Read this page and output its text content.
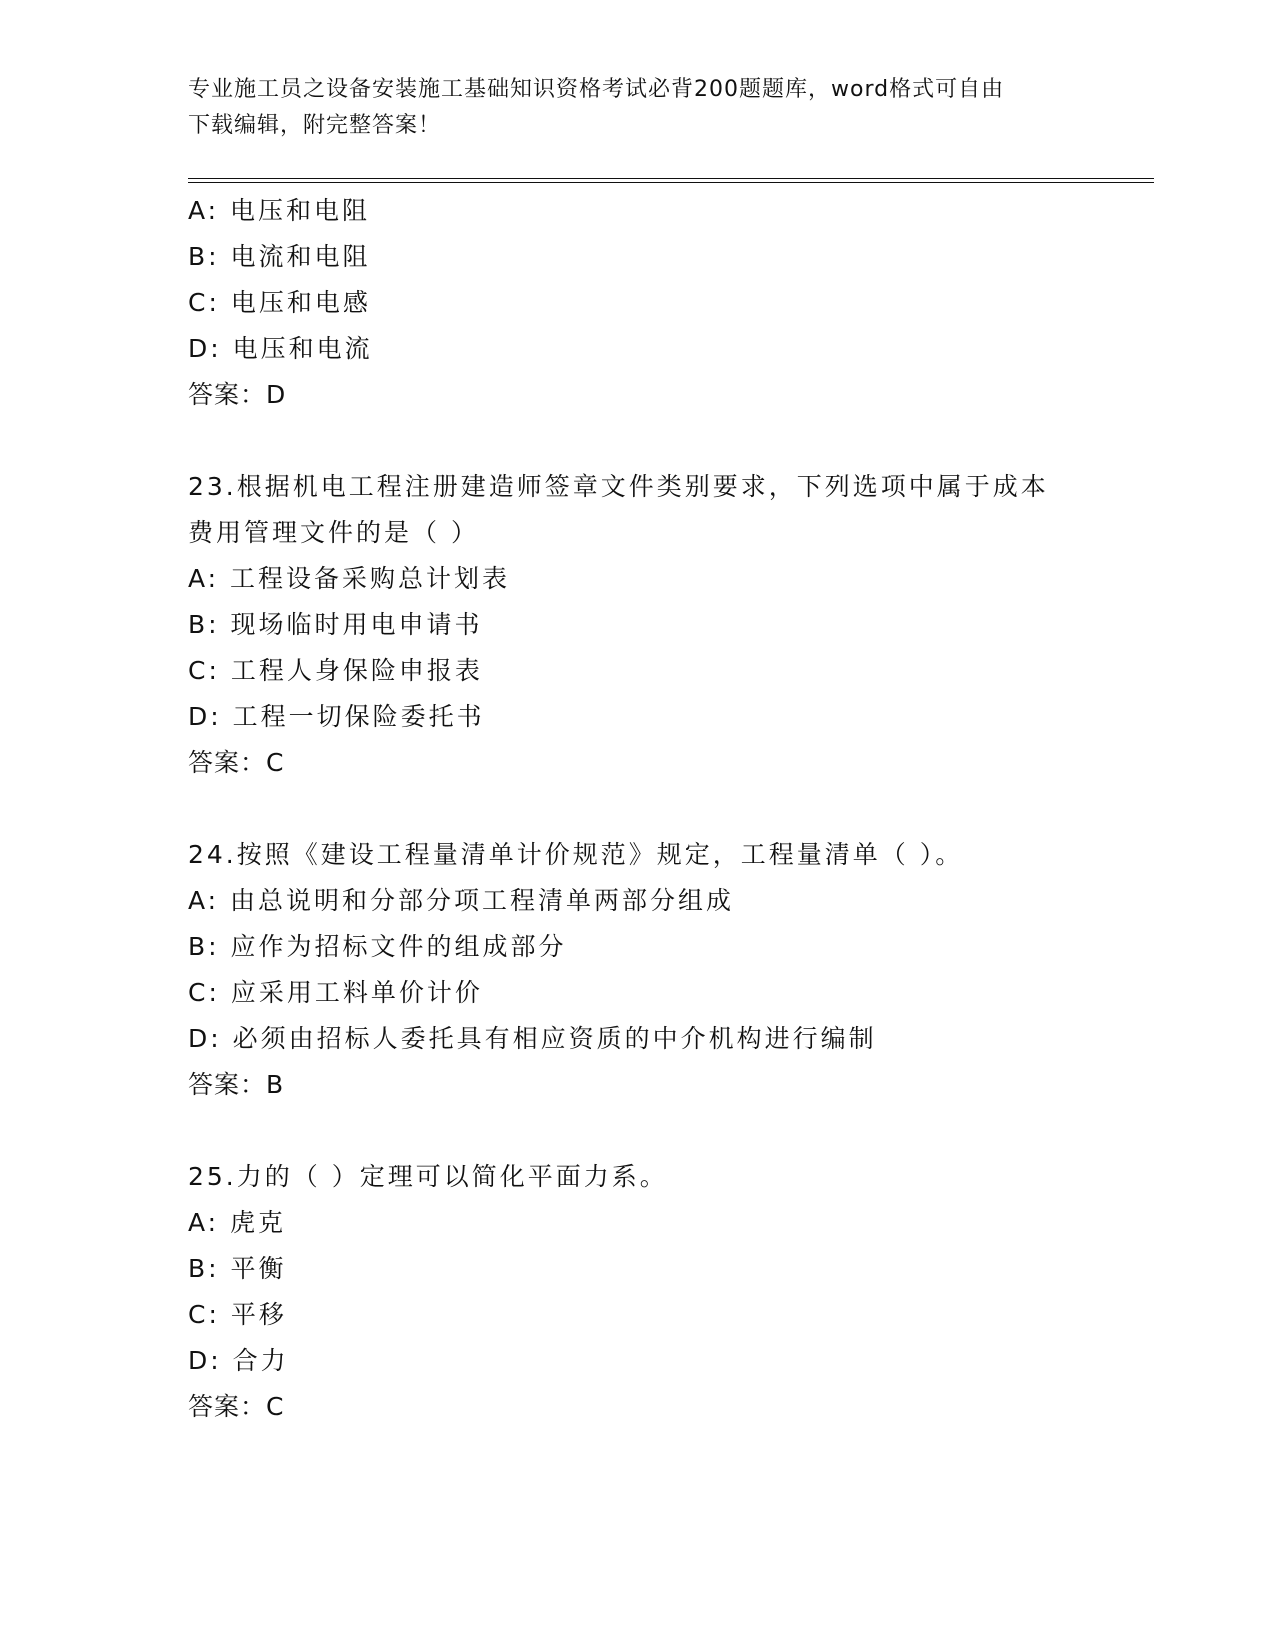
专业施工员之设备安装施工基础知识资格考试必背200题题库，word格式可自由
下载编辑，附完整答案！
A: 电压和电阻
B: 电流和电阻
C: 电压和电感
D: 电压和电流
答案：D
23.根据机电工程注册建造师签章文件类别要求，下列选项中属于成本
费用管理文件的是（ ）
A: 工程设备采购总计划表
B: 现场临时用电申请书
C: 工程人身保险申报表
D: 工程一切保险委托书
答案：C
24.按照《建设工程量清单计价规范》规定，工程量清单（ ）。
A: 由总说明和分部分项工程清单两部分组成
B: 应作为招标文件的组成部分
C: 应采用工料单价计价
D: 必须由招标人委托具有相应资质的中介机构进行编制
答案：B
25.力的（ ）定理可以简化平面力系。
A: 虎克
B: 平衡
C: 平移
D: 合力
答案：C
